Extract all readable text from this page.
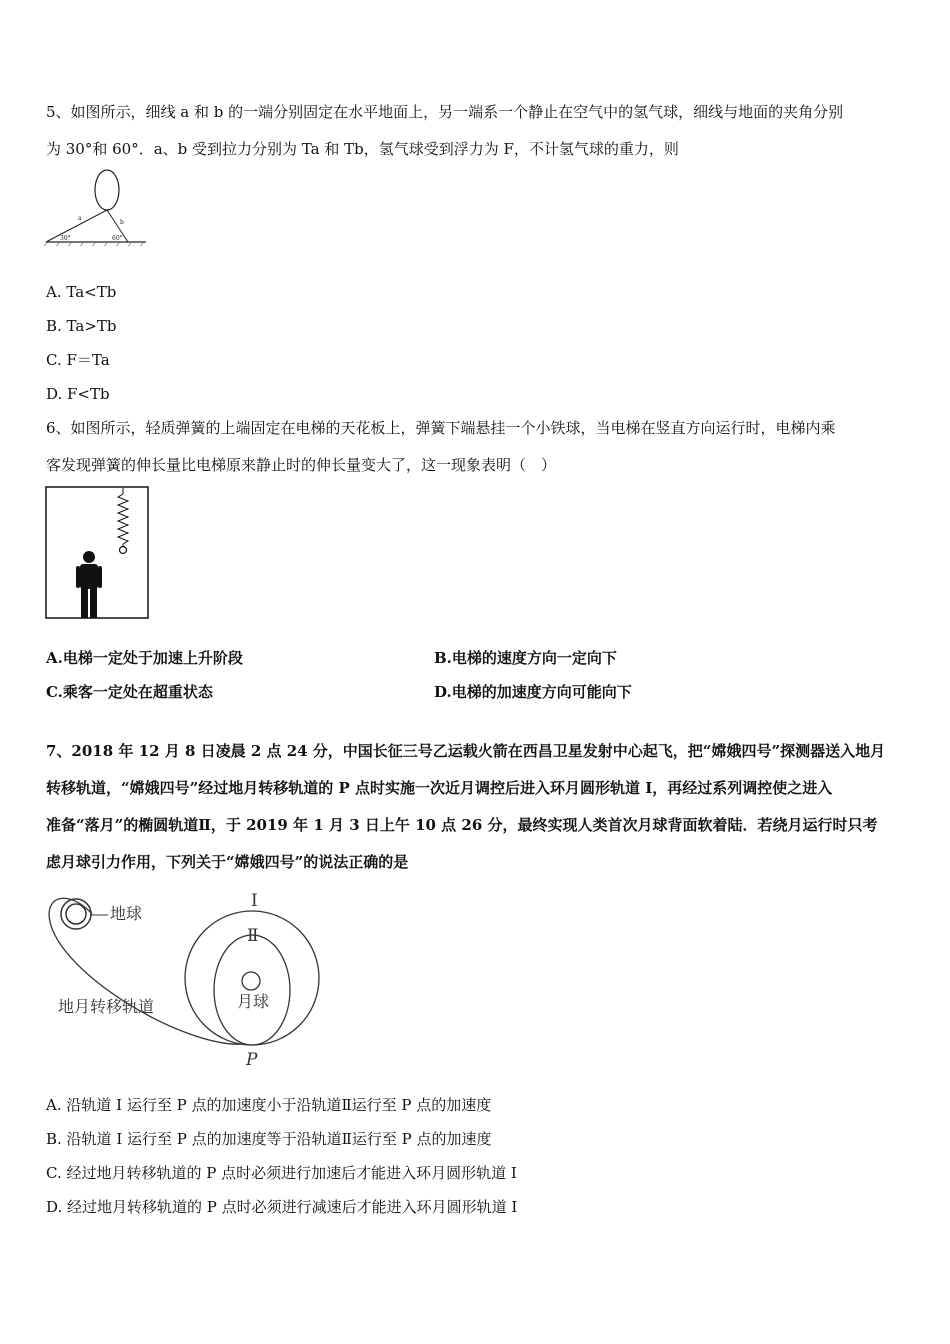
5、如图所示，细线 a 和 b 的一端分别固定在水平地面上，另一端系一个静止在空气中的氢气球，细线与地面的夹角分别
为 30°和 60°．a、b 受到拉力分别为 Ta 和 Tb，氢气球受到浮力为 F，不计氢气球的重力，则
a
b
30°	60°
A. Ta<Tb
B. Ta>Tb
C. F＝Ta
D. F<Tb
6、如图所示，轻质弹簧的上端固定在电梯的天花板上，弹簧下端悬挂一个小铁球，当电梯在竖直方向运行时，电梯内乘
客发现弹簧的伸长量比电梯原来静止时的伸长量变大了，这一现象表明（　）
A.电梯一定处于加速上升阶段	B.电梯的速度方向一定向下
C.乘客一定处在超重状态	D.电梯的加速度方向可能向下
7、2018 年 12 月 8 日凌晨 2 点 24 分，中国长征三号乙运载火箭在西昌卫星发射中心起飞，把“嫦娥四号”探测器送入地月
转移轨道，“嫦娥四号”经过地月转移轨道的 P 点时实施一次近月调控后进入环月圆形轨道 I，再经过系列调控使之进入
准备“落月”的椭圆轨道Ⅱ，于 2019 年 1 月 3 日上午 10 点 26 分，最终实现人类首次月球背面软着陆．若绕月运行时只考
虑月球引力作用，下列关于“嫦娥四号”的说法正确的是
地球
地月转移轨道	月球
I
Ⅱ
P
A. 沿轨道 I 运行至 P 点的加速度小于沿轨道Ⅱ运行至 P 点的加速度
B. 沿轨道 I 运行至 P 点的加速度等于沿轨道Ⅱ运行至 P 点的加速度
C. 经过地月转移轨道的 P 点时必须进行加速后才能进入环月圆形轨道 I
D. 经过地月转移轨道的 P 点时必须进行减速后才能进入环月圆形轨道 I
